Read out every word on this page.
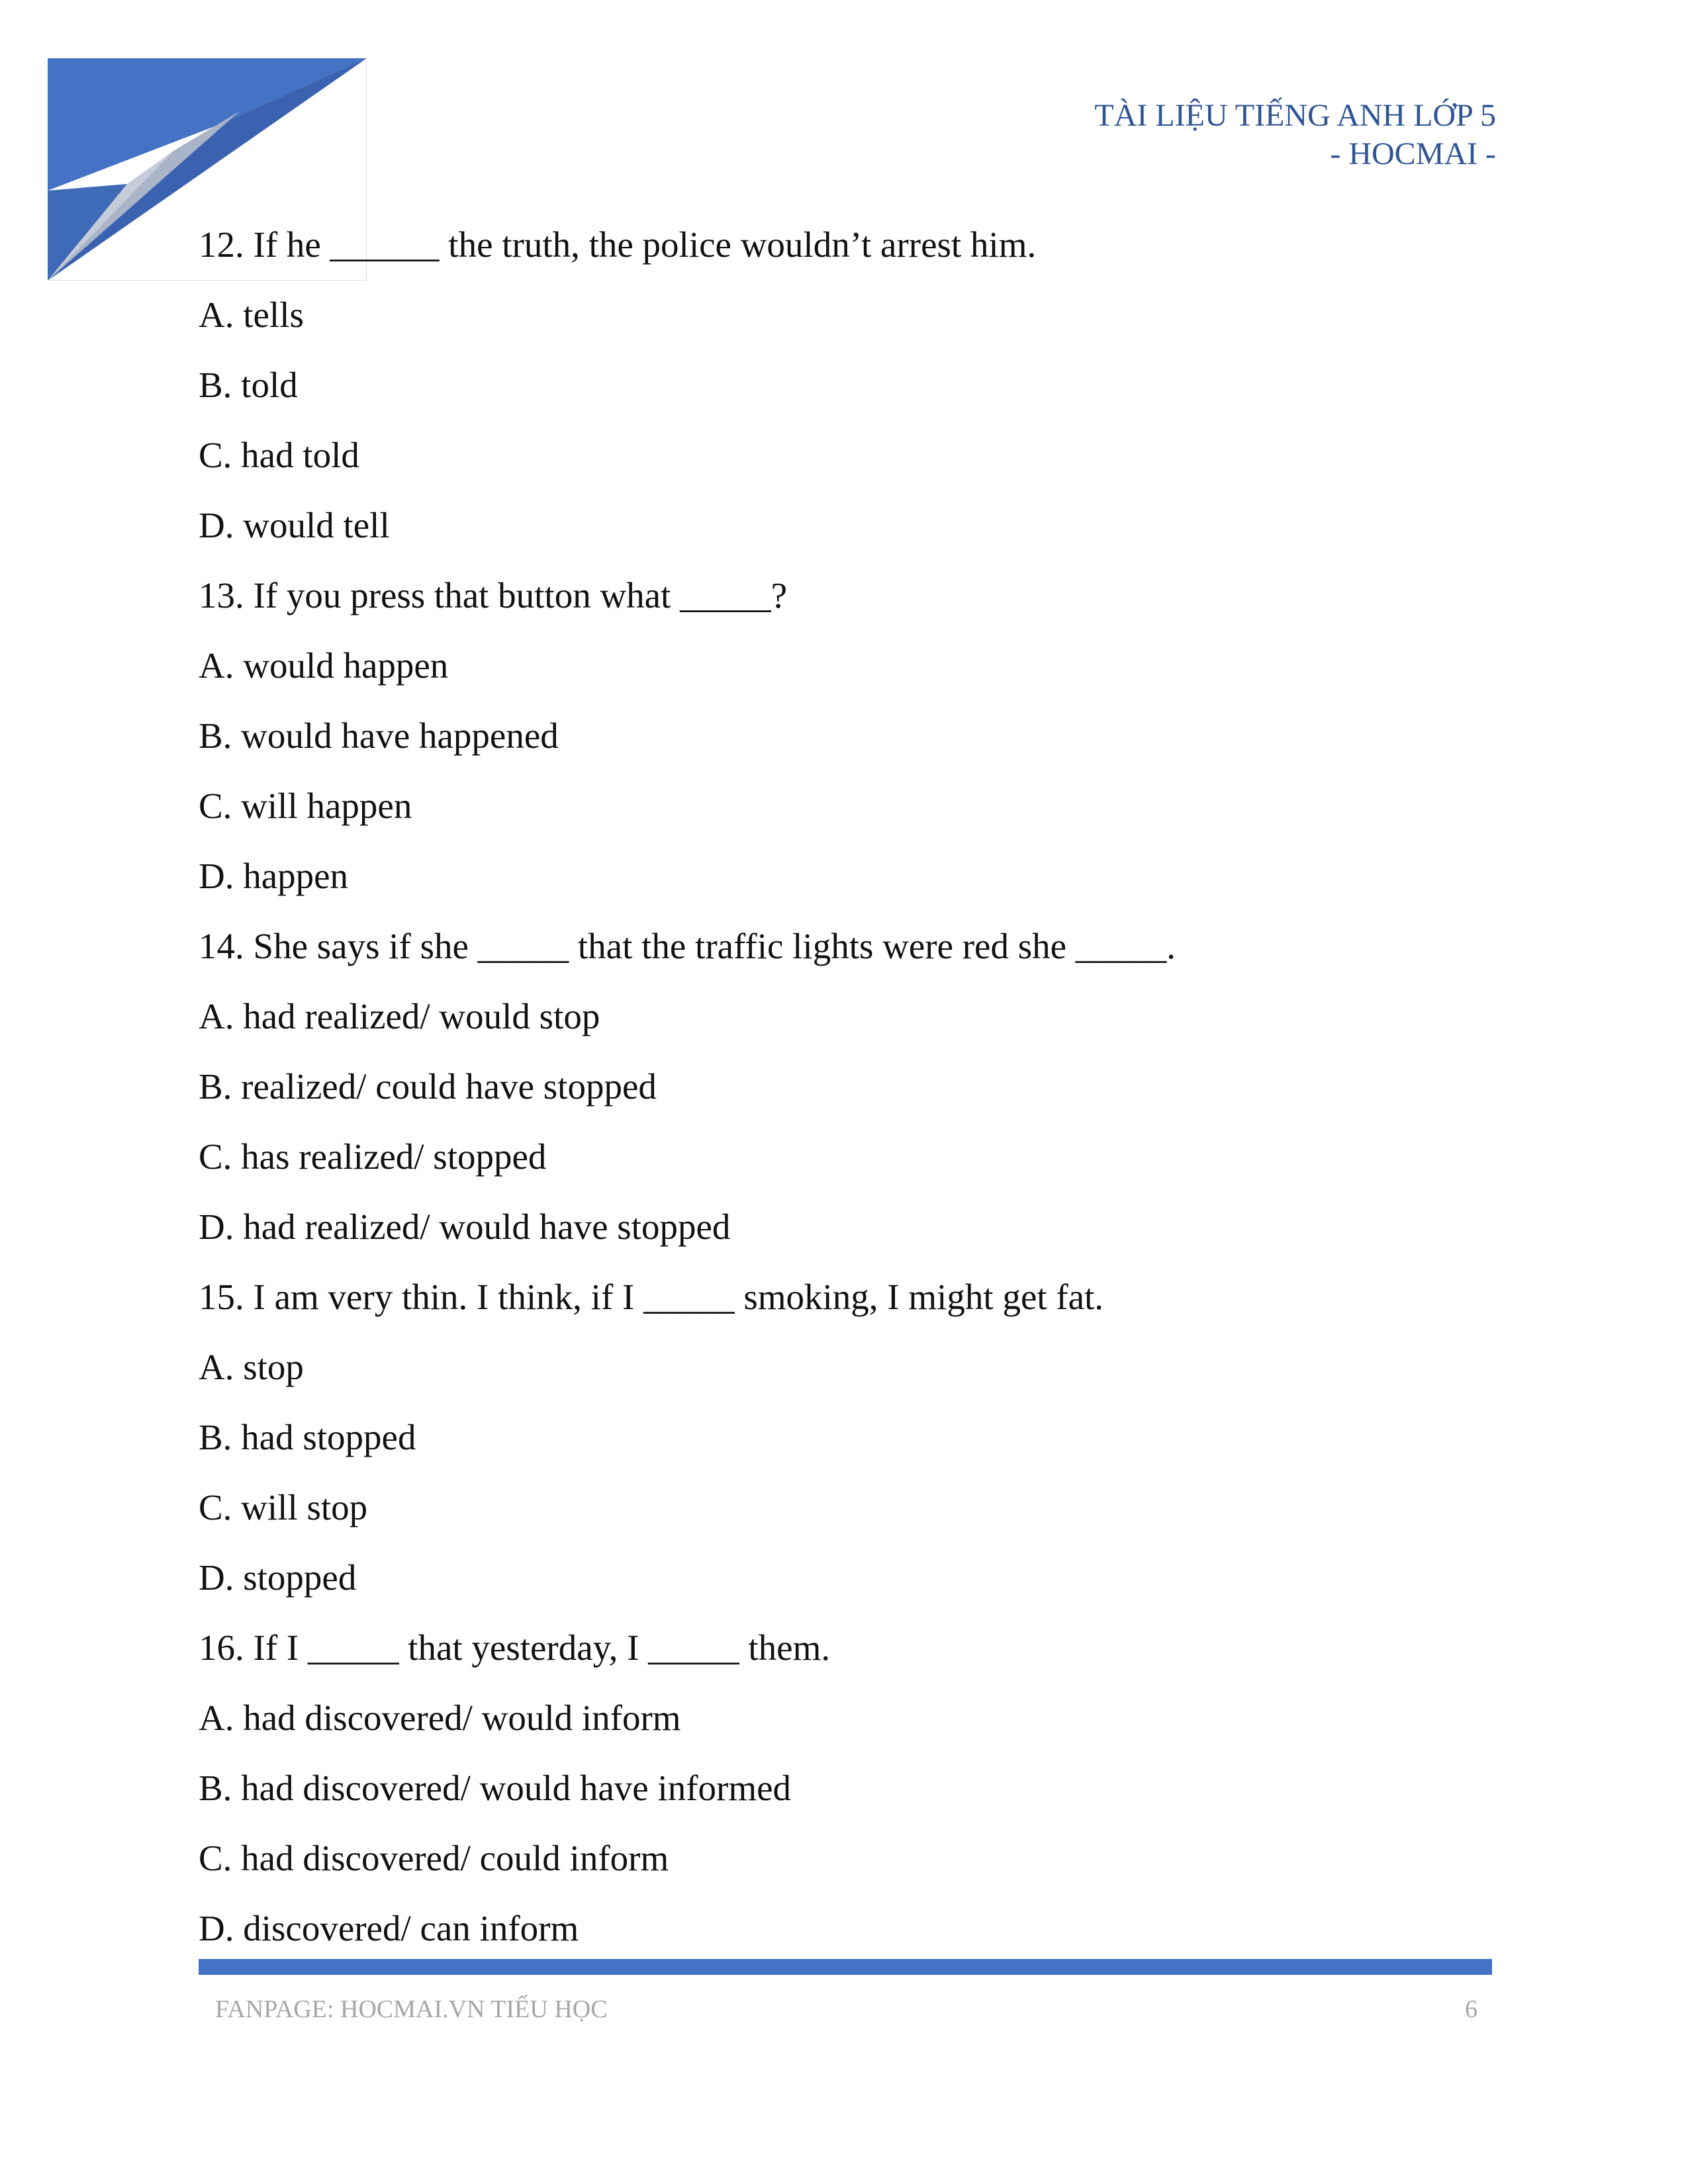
TÀI LIỆU TIẾNG ANH LỚP 5
- HOCMAI -
12. If he ______ the truth, the police wouldn’t arrest him.
A. tells
B. told
C. had told
D. would tell
13. If you press that button what _____?
A. would happen
B. would have happened
C. will happen
D. happen
14. She says if she _____ that the traffic lights were red she _____.
A. had realized/ would stop
B. realized/ could have stopped
C. has realized/ stopped
D. had realized/ would have stopped
15. I am very thin. I think, if I _____ smoking, I might get fat.
A. stop
B. had stopped
C. will stop
D. stopped
16. If I _____ that yesterday, I _____ them.
A. had discovered/ would inform
B. had discovered/ would have informed
C. had discovered/ could inform
D. discovered/ can inform
FANPAGE: HOCMAI.VN TIỂU HỌC	6
